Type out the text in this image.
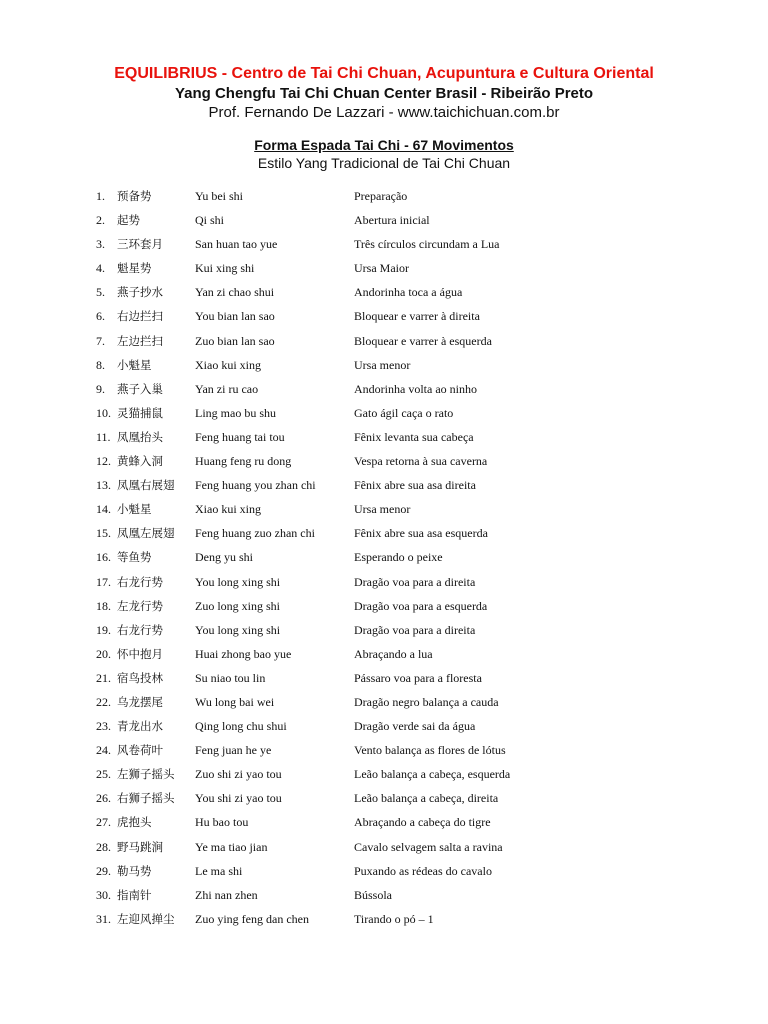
EQUILIBRIUS - Centro de Tai Chi Chuan, Acupuntura e Cultura Oriental
Yang Chengfu Tai Chi Chuan Center Brasil - Ribeirão Preto
Prof. Fernando De Lazzari - www.taichichuan.com.br
Forma Espada Tai Chi - 67 Movimentos
Estilo Yang Tradicional de Tai Chi Chuan
1. 预备势	Yu bei shi	Preparação
2. 起势	Qi shi	Abertura inicial
3. 三环套月	San huan tao yue	Três círculos circundam a Lua
4. 魁星势	Kui xing shi	Ursa Maior
5. 燕子抄水	Yan zi chao shui	Andorinha toca a água
6. 右边拦扫	You bian lan sao	Bloquear e varrer à direita
7. 左边拦扫	Zuo bian lan sao	Bloquear e varrer à esquerda
8. 小魁星	Xiao kui xing	Ursa menor
9. 燕子入巢	Yan zi ru cao	Andorinha volta ao ninho
10. 灵猫捕鼠	Ling mao bu shu	Gato ágil caça o rato
11. 凤凰抬头	Feng huang tai tou	Fênix levanta sua cabeça
12. 黄蜂入洞	Huang feng ru dong	Vespa retorna à sua caverna
13. 凤凰右展翅 Feng huang you zhan chi	Fênix abre sua asa direita
14. 小魁星	Xiao kui xing	Ursa menor
15. 凤凰左展翅 Feng huang zuo zhan chi	Fênix abre sua asa esquerda
16. 等鱼势	Deng yu shi	Esperando o peixe
17. 右龙行势	You long xing shi	Dragão voa para a direita
18. 左龙行势	Zuo long xing shi	Dragão voa para a esquerda
19. 右龙行势	You long xing shi	Dragão voa para a direita
20. 怀中抱月	Huai zhong bao yue	Abraçando a lua
21. 宿鸟投林	Su niao tou lin	Pássaro voa para a floresta
22. 乌龙摆尾	Wu long bai wei	Dragão negro balança a cauda
23. 青龙出水	Qing long chu shui	Dragão verde sai da água
24. 风卷荷叶	Feng juan he ye	Vento balança as flores de lótus
25. 左狮子摇头 Zuo shi zi yao tou	Leão balança a cabeça, esquerda
26. 右狮子摇头 You shi zi yao tou	Leão balança a cabeça, direita
27. 虎抱头	Hu bao tou	Abraçando a cabeça do tigre
28. 野马跳涧	Ye ma tiao jian	Cavalo selvagem salta a ravina
29. 勒马势	Le ma shi	Puxando as rédeas do cavalo
30. 指南针	Zhi nan zhen	Bússola
31. 左迎风掸尘 Zuo ying feng dan chen	Tirando o pó – 1
